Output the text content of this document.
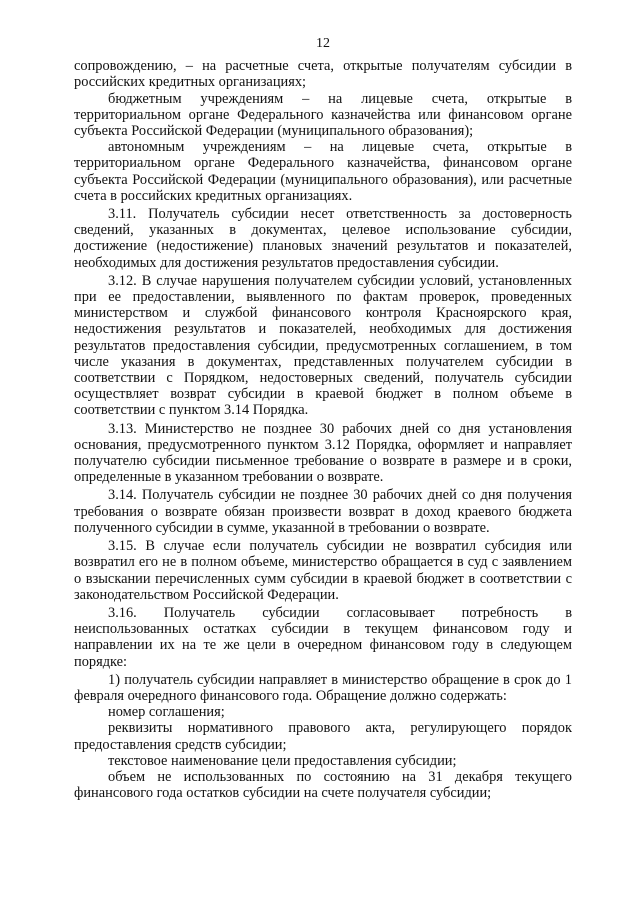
12

сопровождению, – на расчетные счета, открытые получателям субсидии в российских кредитных организациях;

бюджетным учреждениям – на лицевые счета, открытые в территориальном органе Федерального казначейства или финансовом органе субъекта Российской Федерации (муниципального образования);

автономным учреждениям – на лицевые счета, открытые в территориальном органе Федерального казначейства, финансовом органе субъекта Российской Федерации (муниципального образования), или расчетные счета в российских кредитных организациях.

3.11. Получатель субсидии несет ответственность за достоверность сведений, указанных в документах, целевое использование субсидии, достижение (недостижение) плановых значений результатов и показателей, необходимых для достижения результатов предоставления субсидии.

3.12. В случае нарушения получателем субсидии условий, установленных при ее предоставлении, выявленного по фактам проверок, проведенных министерством и службой финансового контроля Красноярского края, недостижения результатов и показателей, необходимых для достижения результатов предоставления субсидии, предусмотренных соглашением, в том числе указания в документах, представленных получателем субсидии в соответствии с Порядком, недостоверных сведений, получатель субсидии осуществляет возврат субсидии в краевой бюджет в полном объеме в соответствии с пунктом 3.14 Порядка.

3.13. Министерство не позднее 30 рабочих дней со дня установления основания, предусмотренного пунктом 3.12 Порядка, оформляет и направляет получателю субсидии письменное требование о возврате в размере и в сроки, определенные в указанном требовании о возврате.

3.14. Получатель субсидии не позднее 30 рабочих дней со дня получения требования о возврате обязан произвести возврат в доход краевого бюджета полученного субсидии в сумме, указанной в требовании о возврате.

3.15. В случае если получатель субсидии не возвратил субсидия или возвратил его не в полном объеме, министерство обращается в суд с заявлением о взыскании перечисленных сумм субсидии в краевой бюджет в соответствии с законодательством Российской Федерации.

3.16. Получатель субсидии согласовывает потребность в неиспользованных остатках субсидии в текущем финансовом году и направлении их на те же цели в очередном финансовом году в следующем порядке:

1) получатель субсидии направляет в министерство обращение в срок до 1 февраля очередного финансового года. Обращение должно содержать:

номер соглашения;

реквизиты нормативного правового акта, регулирующего порядок предоставления средств субсидии;

текстовое наименование цели предоставления субсидии;

объем не использованных по состоянию на 31 декабря текущего финансового года остатков субсидии на счете получателя субсидии;
